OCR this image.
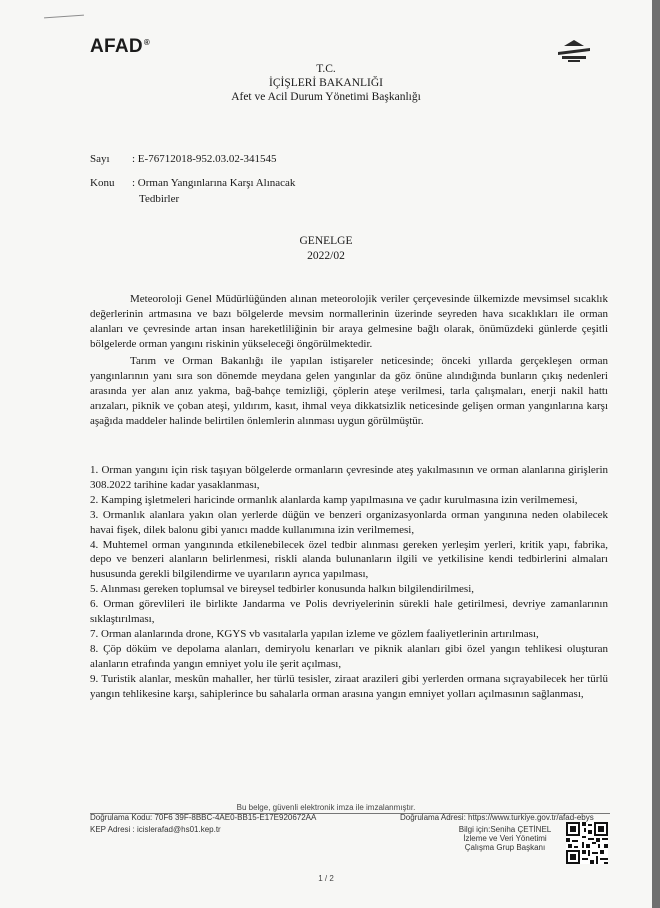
AFAD®
T.C.
İÇİŞLERİ BAKANLIĞI
Afet ve Acil Durum Yönetimi Başkanlığı
Sayı : E-76712018-952.03.02-341545
Konu : Orman Yangınlarına Karşı Alınacak
Tedbirler
GENELGE
2022/02

Meteoroloji Genel Müdürlüğünden alınan meteorolojik veriler çerçevesinde ülkemizde mevsimsel sıcaklık değerlerinin artmasına ve bazı bölgelerde mevsim normallerinin üzerinde seyreden hava sıcaklıkları ile orman alanları ve çevresinde artan insan hareketliliğinin bir araya gelmesine bağlı olarak, önümüzdeki günlerde çeşitli bölgelerde orman yangını riskinin yükseleceği öngörülmektedir.

Tarım ve Orman Bakanlığı ile yapılan istişareler neticesinde; önceki yıllarda gerçekleşen orman yangınlarının yanı sıra son dönemde meydana gelen yangınlar da göz önüne alındığında bunların çıkış nedenleri arasında yer alan anız yakma, bağ-bahçe temizliği, çöplerin ateşe verilmesi, tarla çalışmaları, enerji nakil hattı arızaları, piknik ve çoban ateşi, yıldırım, kasıt, ihmal veya dikkatsizlik neticesinde gelişen orman yangınlarına karşı aşağıda maddeler halinde belirtilen önlemlerin alınması uygun görülmüştür.

1. Orman yangını için risk taşıyan bölgelerde ormanların çevresinde ateş yakılmasının ve orman alanlarına girişlerin 308.2022 tarihine kadar yasaklanması,
2. Kamping işletmeleri haricinde ormanlık alanlarda kamp yapılmasına ve çadır kurulmasına izin verilmemesi,
3. Ormanlık alanlara yakın olan yerlerde düğün ve benzeri organizasyonlarda orman yangınına neden olabilecek havai fişek, dilek balonu gibi yanıcı madde kullanımına izin verilmemesi,
4. Muhtemel orman yangınında etkilenebilecek özel tedbir alınması gereken yerleşim yerleri, kritik yapı, fabrika, depo ve benzeri alanların belirlenmesi, riskli alanda bulunanların ilgili ve yetkilisine kendi tedbirlerini almaları hususunda gerekli bilgilendirme ve uyarıların ayrıca yapılması,
5. Alınması gereken toplumsal ve bireysel tedbirler konusunda halkın bilgilendirilmesi,
6. Orman görevlileri ile birlikte Jandarma ve Polis devriyelerinin sürekli hale getirilmesi, devriye zamanlarının sıklaştırılması,
7. Orman alanlarında drone, KGYS vb vasıtalarla yapılan izleme ve gözlem faaliyetlerinin artırılması,
8. Çöp döküm ve depolama alanları, demiryolu kenarları ve piknik alanları gibi özel yangın tehlikesi oluşturan alanların etrafında yangın emniyet yolu ile şerit açılması,
9. Turistik alanlar, meskûn mahaller, her türlü tesisler, ziraat arazileri gibi yerlerden ormana sıçrayabilecek her türlü yangın tehlikesine karşı, sahiplerince bu sahalarla orman arasına yangın emniyet yolları açılmasının sağlanması,
Bu belge, güvenli elektronik imza ile imzalanmıştır.
Doğrulama Kodu: 70F6 39F-8BBC-4AE0-BB15-E17E920672AA	Doğrulama Adresi: https://www.turkiye.gov.tr/afad-ebys
KEP Adresi : icislerafad@hs01.kep.tr	Bilgi için:Seniha ÇETİNEL
İzleme ve Veri Yönetimi
Çalışma Grup Başkanı
1 / 2
